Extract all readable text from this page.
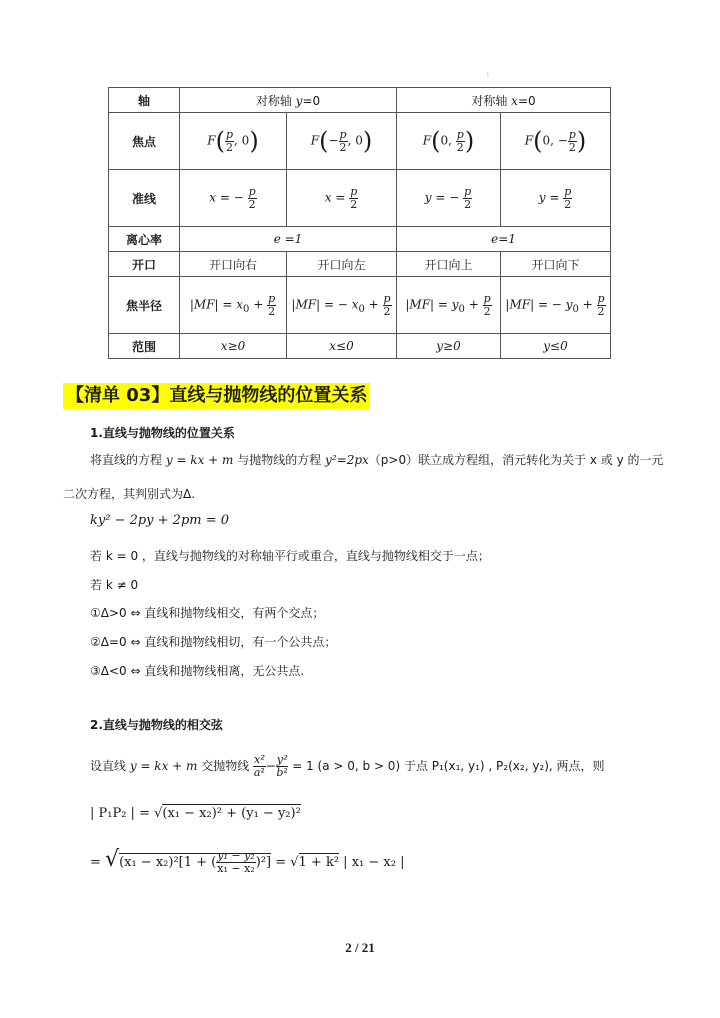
1
轴	对称轴 y=0		对称轴 x=0	
焦点	$F( \frac{p}{2}$ , 0)	$F(- \frac{p}{2}$ , 0)	F(0, $\frac{p}{2}$ )	F(0, − $\frac{p}{2}$ )
准线	x = − $\frac{p}{2}$	$x = \frac{p}{2}$	y = − $\frac{p}{2}$	$y = \frac{p}{2}$

离心率	e =1		e=1	
开口	开口向右	开口向左	开口向上	开口向下
焦半径	$|MF| = x_0 + \frac{p}{2}$	|MF| = − $x_0 + \frac{p}{2}$	$|MF| = y_0 + \frac{p}{2}$	|MF| = − $y_0 + \frac{p}{2}$

范围	x≥0	x≤0	y≥0	y≤0
【清单 03】直线与抛物线的位置关系
1.直线与抛物线的位置关系
将直线的方程 y = kx + m 与抛物线的方程 y²=2px（p>0）联立成方程组，消元转化为关于 x 或 y 的一元
二次方程，其判别式为Δ.
ky² − 2py + 2pm = 0
若 k = 0 ，直线与抛物线的对称轴平行或重合，直线与抛物线相交于一点；
若 k ≠ 0
①Δ>0 ⇔ 直线和抛物线相交，有两个交点；
②Δ=0 ⇔ 直线和抛物线相切，有一个公共点；
③Δ<0 ⇔ 直线和抛物线相离，无公共点.
2.直线与抛物线的相交弦
设直线 y = kx + m 交抛物线 $\frac{\text{x²}}{\text{a²}} - \frac{\text{y²}}{\text{b²}} = 1$ (a > 0, b > 0) 于点 P₁(x₁, y₁) , P₂(x₂, y₂), 两点，则
| P₁P₂ | = √(x₁ − x₂)² + (y₁ − y₂)²
= √(x₁ − x₂)²[1 + ( $\frac{\text{y₁ − y₂}}{\text{x₁ − x₂}} )^2] = √1 + k^2$ | x₁ − x₂ |
2 / 21
